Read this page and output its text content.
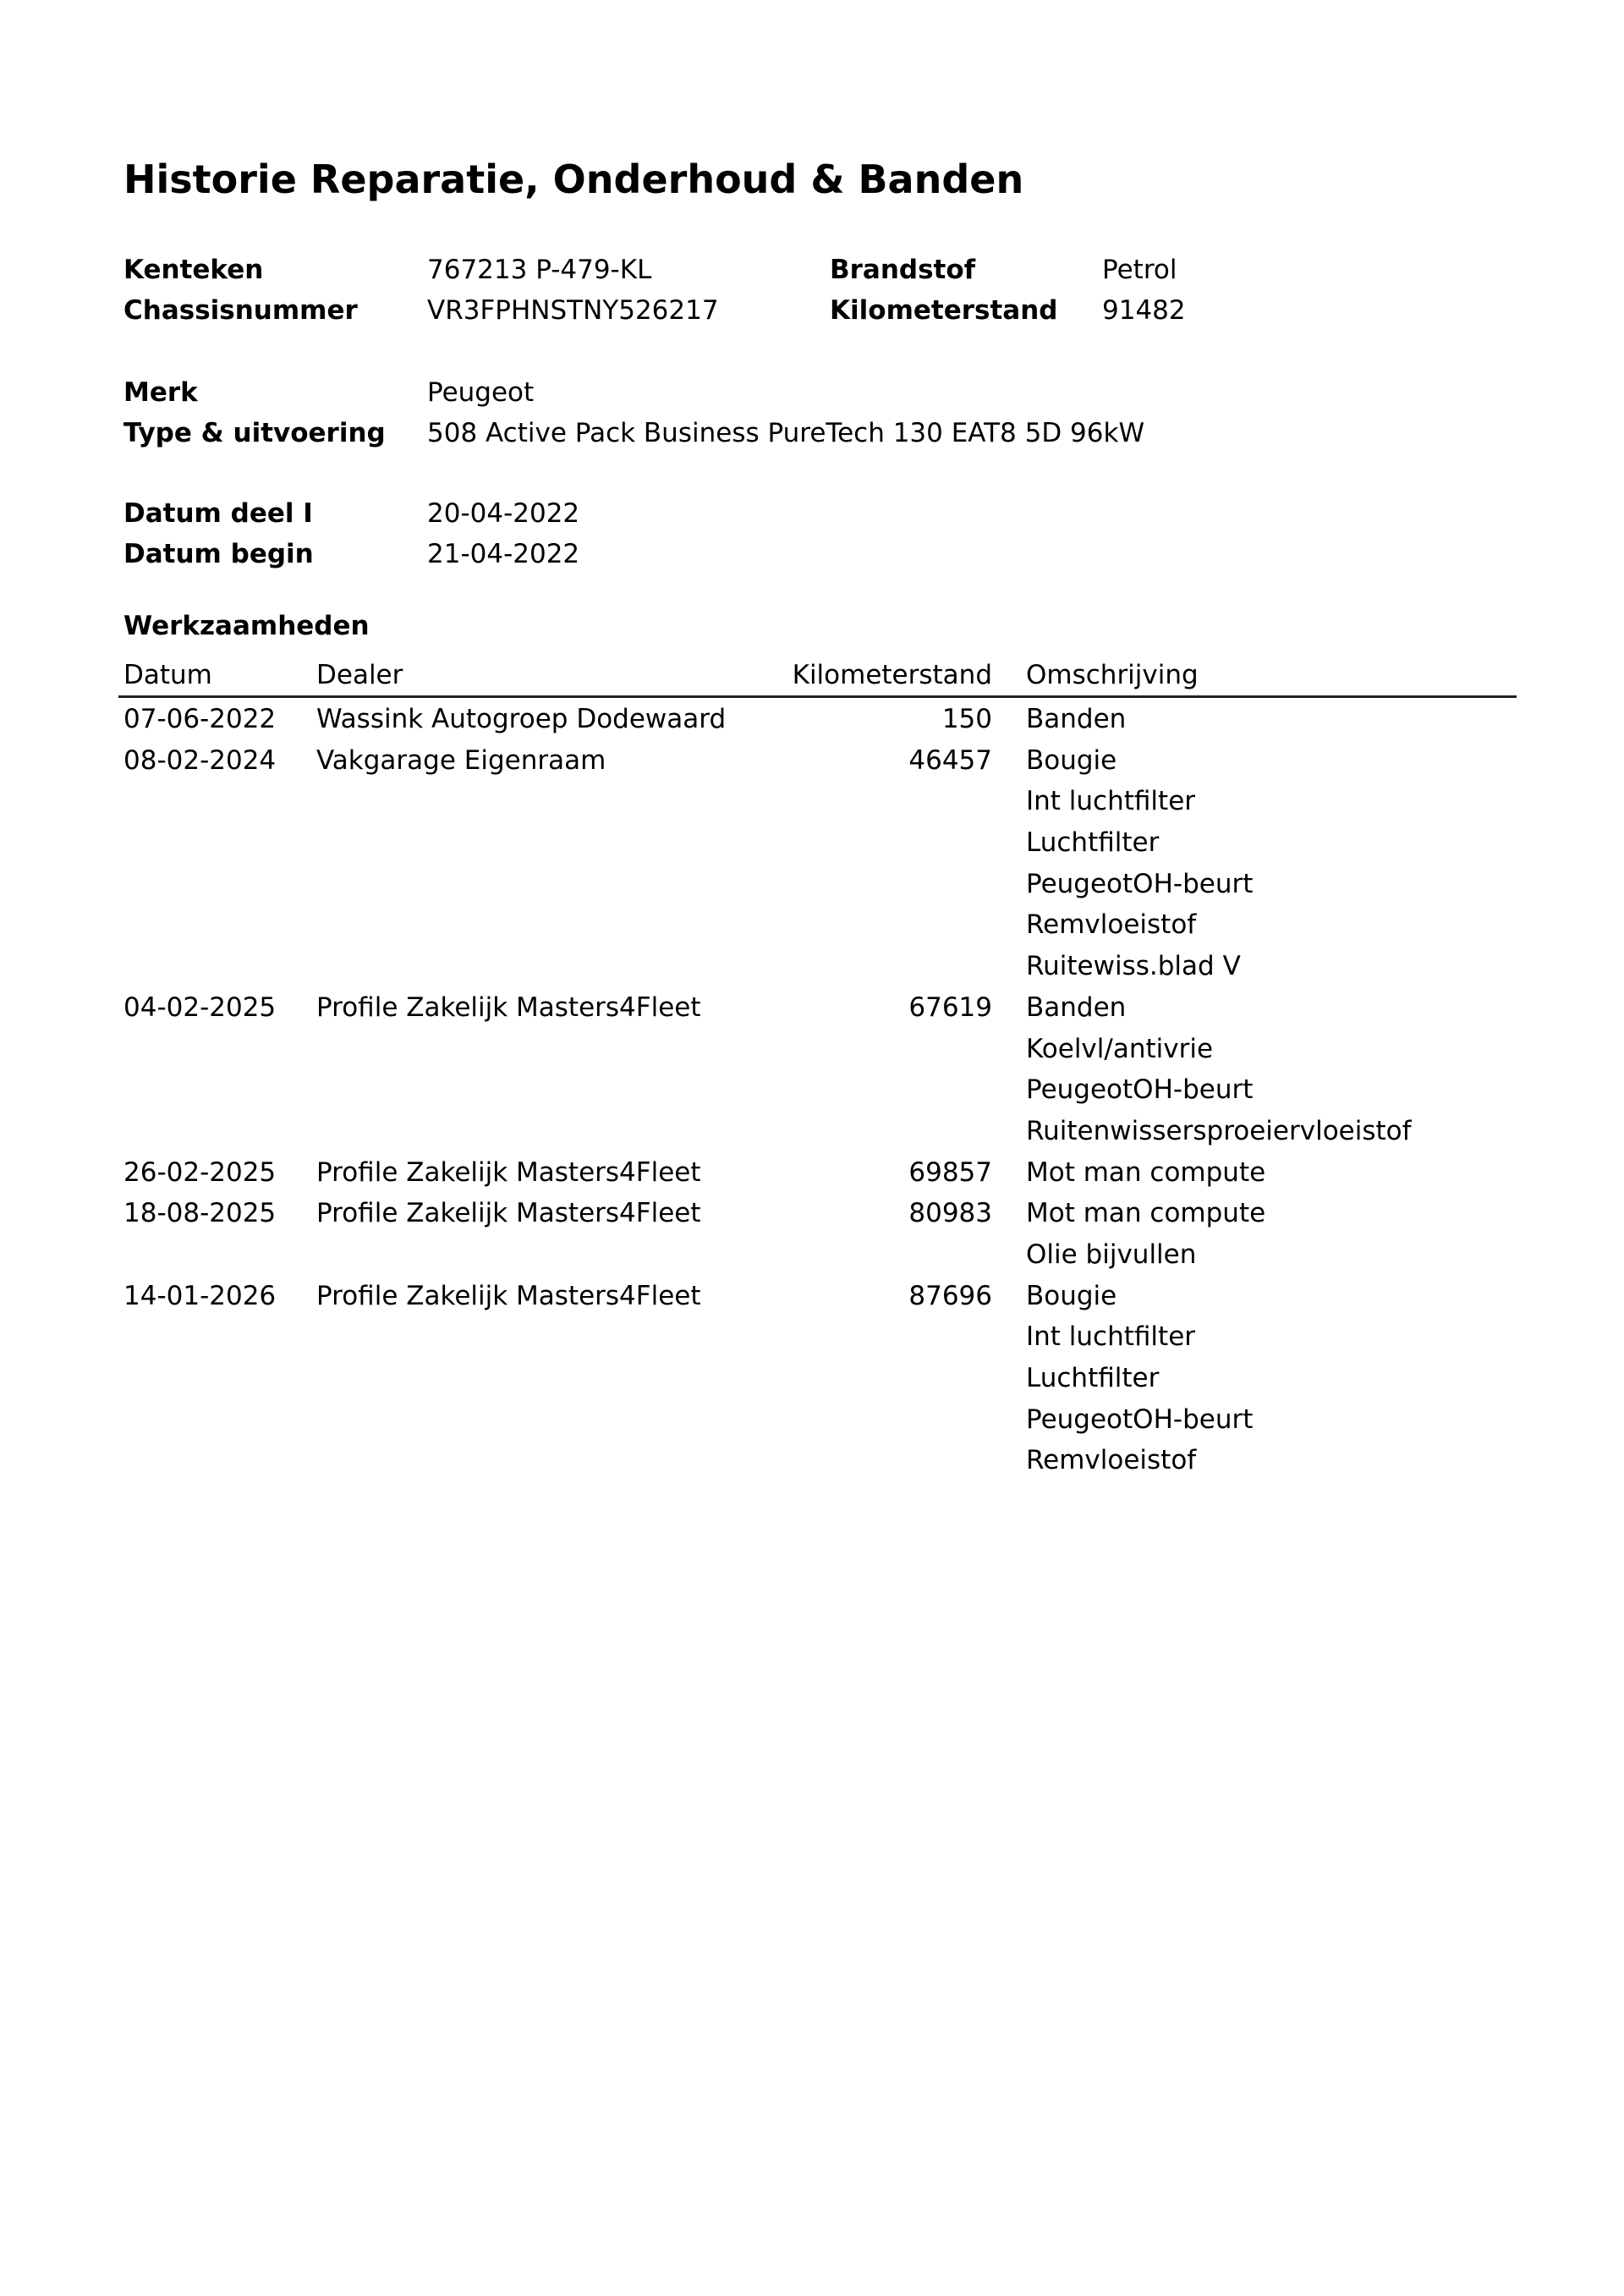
Historie Reparatie, Onderhoud & Banden
Kenteken	767213 P-479-KL
Chassisnummer	VR3FPHNSTNY526217
Brandstof	Petrol
Kilometerstand 91482
Merk	Peugeot
Type & uitvoering 508 Active Pack Business PureTech 130 EAT8 5D 96kW
Datum deel I	20-04-2022
Datum begin	21-04-2022
Werkzaamheden
Datum	Dealer	Kilometerstand Omschrijving
07-06-2022 Wassink Autogroep Dodewaard	150 Banden
08-02-2024 Vakgarage Eigenraam	46457 Bougie
Int luchtfilter
Luchtfilter
PeugeotOH-beurt
Remvloeistof
Ruitewiss.blad V
04-02-2025 Profile Zakelijk Masters4Fleet	67619 Banden
Koelvl/antivrie
PeugeotOH-beurt
Ruitenwissersproeiervloeistof
26-02-2025 Profile Zakelijk Masters4Fleet	69857 Mot man compute
18-08-2025 Profile Zakelijk Masters4Fleet	80983 Mot man compute
Olie bijvullen
14-01-2026 Profile Zakelijk Masters4Fleet	87696 Bougie
Int luchtfilter
Luchtfilter
PeugeotOH-beurt
Remvloeistof
